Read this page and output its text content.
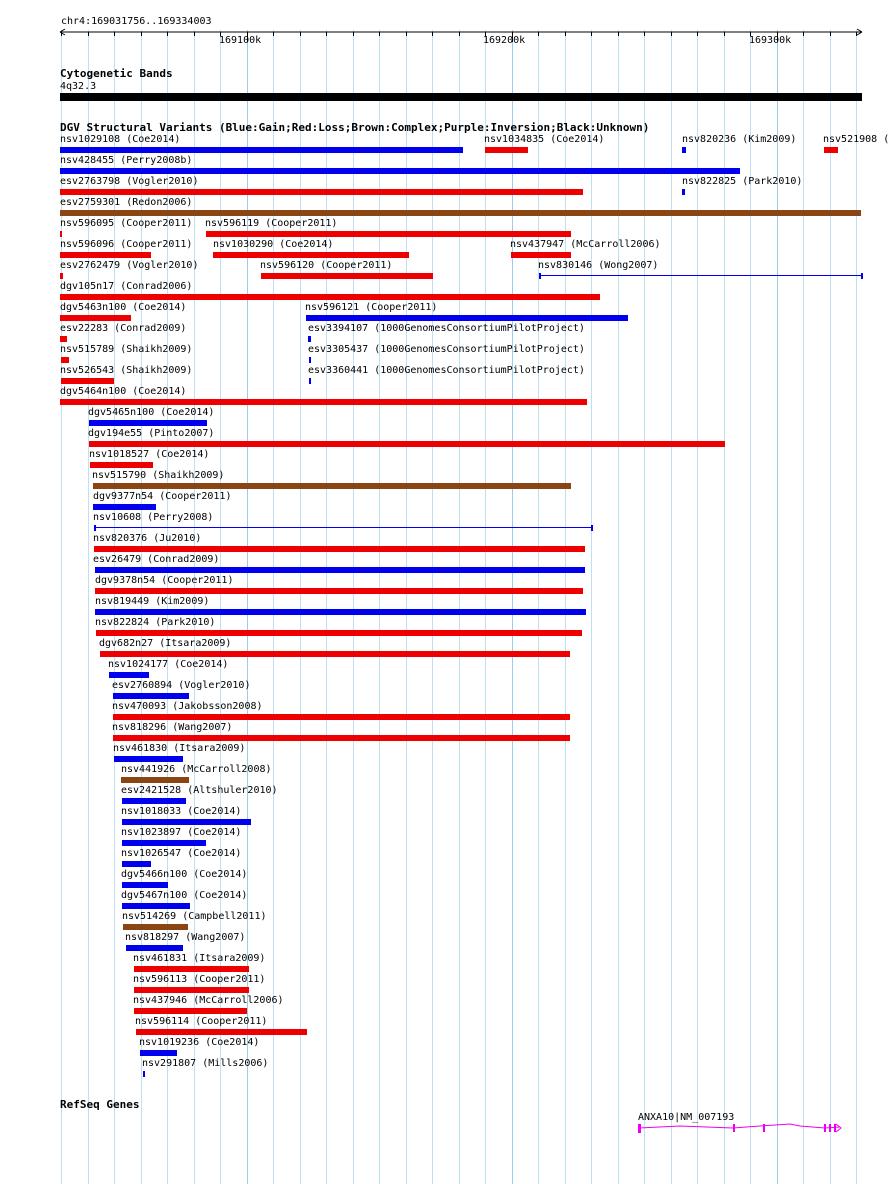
chr4:169031756..169334003
169100k	169200k	169300k
Cytogenetic Bands
4q32.3
DGV Structural Variants (Blue:Gain;Red:Loss;Brown:Complex;Purple:Inversion;Black:Unknown)
nsv1029108 (Coe2014)	nsv1034835 (Coe2014)	nsv820236 (Kim2009)	nsv521908 (
nsv428455 (Perry2008b)
esv2763798 (Vogler2010)	nsv822825 (Park2010)
esv2759301 (Redon2006)
nsv596095 (Cooper2011) nsv596119 (Cooper2011)
nsv596096 (Cooper2011) nsv1030290 (Coe2014)	nsv437947 (McCarroll2006)
esv2762479 (Vogler2010)	nsv596120 (Cooper2011)	nsv830146 (Wong2007)
dgv105n17 (Conrad2006)
dgv5463n100 (Coe2014)	nsv596121 (Cooper2011)
esv22283 (Conrad2009)	esv3394107 (1000GenomesConsortiumPilotProject)
nsv515789 (Shaikh2009)	esv3305437 (1000GenomesConsortiumPilotProject)
nsv526543 (Shaikh2009)	esv3360441 (1000GenomesConsortiumPilotProject)
dgv5464n100 (Coe2014)
dgv5465n100 (Coe2014)
dgv194e55 (Pinto2007)
nsv1018527 (Coe2014)
nsv515790 (Shaikh2009)
dgv9377n54 (Cooper2011)
nsv10608 (Perry2008)
nsv820376 (Ju2010)
esv26479 (Conrad2009)
dgv9378n54 (Cooper2011)
nsv819449 (Kim2009)
nsv822824 (Park2010)
dgv682n27 (Itsara2009)
nsv1024177 (Coe2014)
esv2760894 (Vogler2010)
nsv470093 (Jakobsson2008)
nsv818296 (Wang2007)
nsv461830 (Itsara2009)
nsv441926 (McCarroll2008)
esv2421528 (Altshuler2010)
nsv1018033 (Coe2014)
nsv1023897 (Coe2014)
nsv1026547 (Coe2014)
dgv5466n100 (Coe2014)
dgv5467n100 (Coe2014)
nsv514269 (Campbell2011)
nsv818297 (Wang2007)
nsv461831 (Itsara2009)
nsv596113 (Cooper2011)
nsv437946 (McCarroll2006)
nsv596114 (Cooper2011)
nsv1019236 (Coe2014)
nsv291807 (Mills2006)
RefSeq Genes
ANXA10|NM_007193
